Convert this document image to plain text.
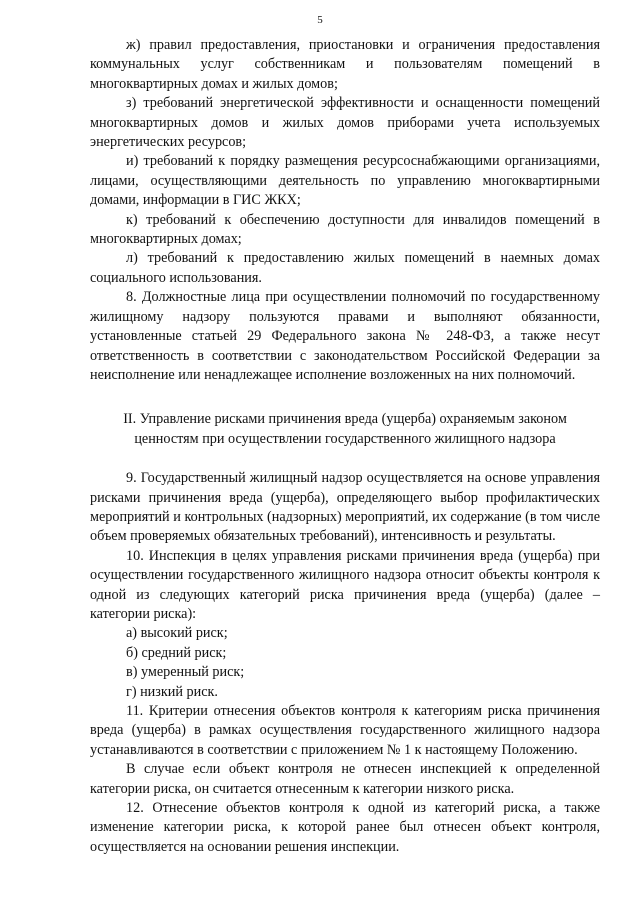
5

ж) правил предоставления, приостановки и ограничения предоставления коммунальных услуг собственникам и пользователям помещений в многоквартирных домах и жилых домов;

з) требований энергетической эффективности и оснащенности помещений многоквартирных домов и жилых домов приборами учета используемых энергетических ресурсов;

и) требований к порядку размещения ресурсоснабжающими организациями, лицами, осуществляющими деятельность по управлению многоквартирными домами, информации в ГИС ЖКХ;

к) требований к обеспечению доступности для инвалидов помещений в многоквартирных домах;

л) требований к предоставлению жилых помещений в наемных домах социального использования.

8. Должностные лица при осуществлении полномочий по государственному жилищному надзору пользуются правами и выполняют обязанности, установленные статьей 29 Федерального закона № 248-ФЗ, а также несут ответственность в соответствии с законодательством Российской Федерации за неисполнение или ненадлежащее исполнение возложенных на них полномочий.

II. Управление рисками причинения вреда (ущерба) охраняемым законом
ценностям при осуществлении государственного жилищного надзора

9. Государственный жилищный надзор осуществляется на основе управления рисками причинения вреда (ущерба), определяющего выбор профилактических мероприятий и контрольных (надзорных) мероприятий, их содержание (в том числе объем проверяемых обязательных требований), интенсивность и результаты.

10. Инспекция в целях управления рисками причинения вреда (ущерба) при осуществлении государственного жилищного надзора относит объекты контроля к одной из следующих категорий риска причинения вреда (ущерба) (далее – категории риска):

а) высокий риск;

б) средний риск;

в) умеренный риск;

г) низкий риск.

11. Критерии отнесения объектов контроля к категориям риска причинения вреда (ущерба) в рамках осуществления государственного жилищного надзора устанавливаются в соответствии с приложением № 1 к настоящему Положению.

В случае если объект контроля не отнесен инспекцией к определенной категории риска, он считается отнесенным к категории низкого риска.

12. Отнесение объектов контроля к одной из категорий риска, а также изменение категории риска, к которой ранее был отнесен объект контроля, осуществляется на основании решения инспекции.
